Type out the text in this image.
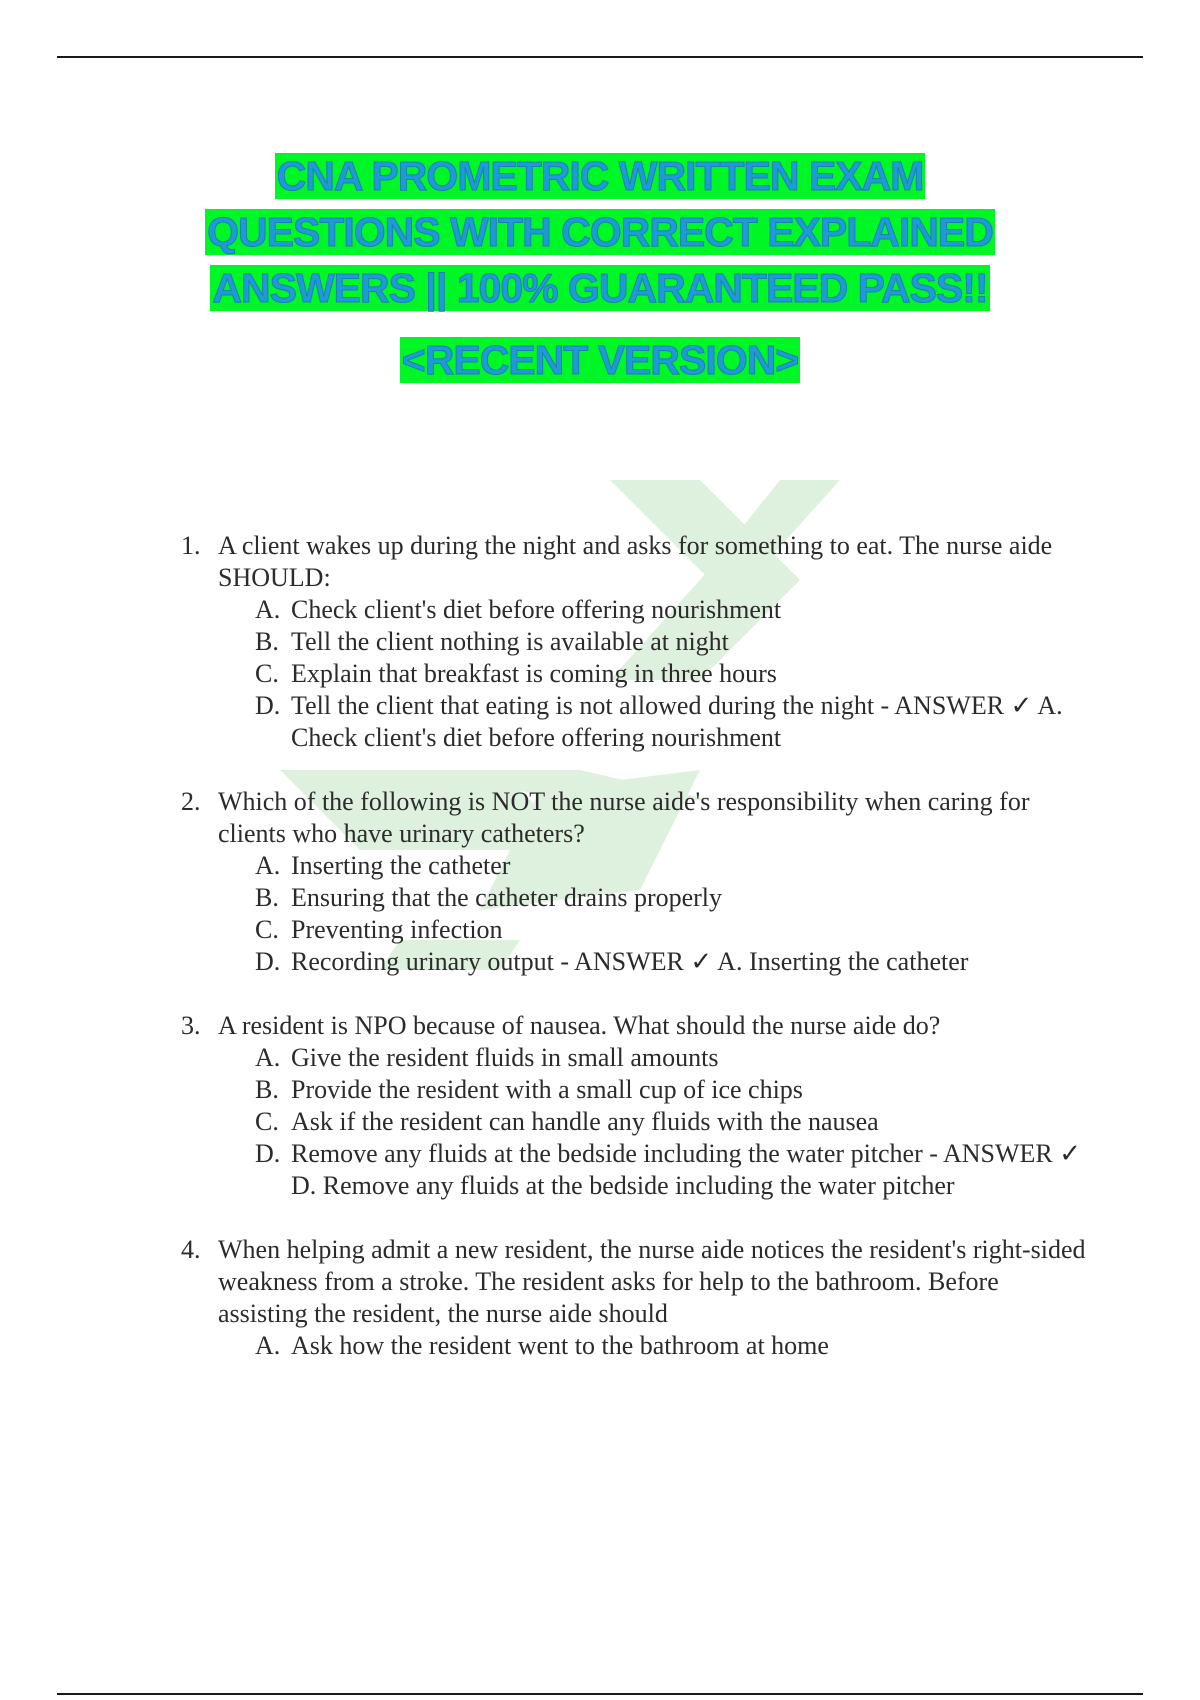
CNA PROMETRIC WRITTEN EXAM
QUESTIONS WITH CORRECT EXPLAINED
ANSWERS || 100% GUARANTEED PASS!!
<RECENT VERSION>
1. A client wakes up during the night and asks for something to eat. The nurse aide SHOULD:
A. Check client's diet before offering nourishment
B. Tell the client nothing is available at night
C. Explain that breakfast is coming in three hours
D. Tell the client that eating is not allowed during the night - ANSWER ✓ A. Check client's diet before offering nourishment
2. Which of the following is NOT the nurse aide's responsibility when caring for clients who have urinary catheters?
A. Inserting the catheter
B. Ensuring that the catheter drains properly
C. Preventing infection
D. Recording urinary output - ANSWER ✓ A. Inserting the catheter
3. A resident is NPO because of nausea. What should the nurse aide do?
A. Give the resident fluids in small amounts
B. Provide the resident with a small cup of ice chips
C. Ask if the resident can handle any fluids with the nausea
D. Remove any fluids at the bedside including the water pitcher - ANSWER ✓ D. Remove any fluids at the bedside including the water pitcher
4. When helping admit a new resident, the nurse aide notices the resident's right-sided weakness from a stroke. The resident asks for help to the bathroom. Before assisting the resident, the nurse aide should
A. Ask how the resident went to the bathroom at home
